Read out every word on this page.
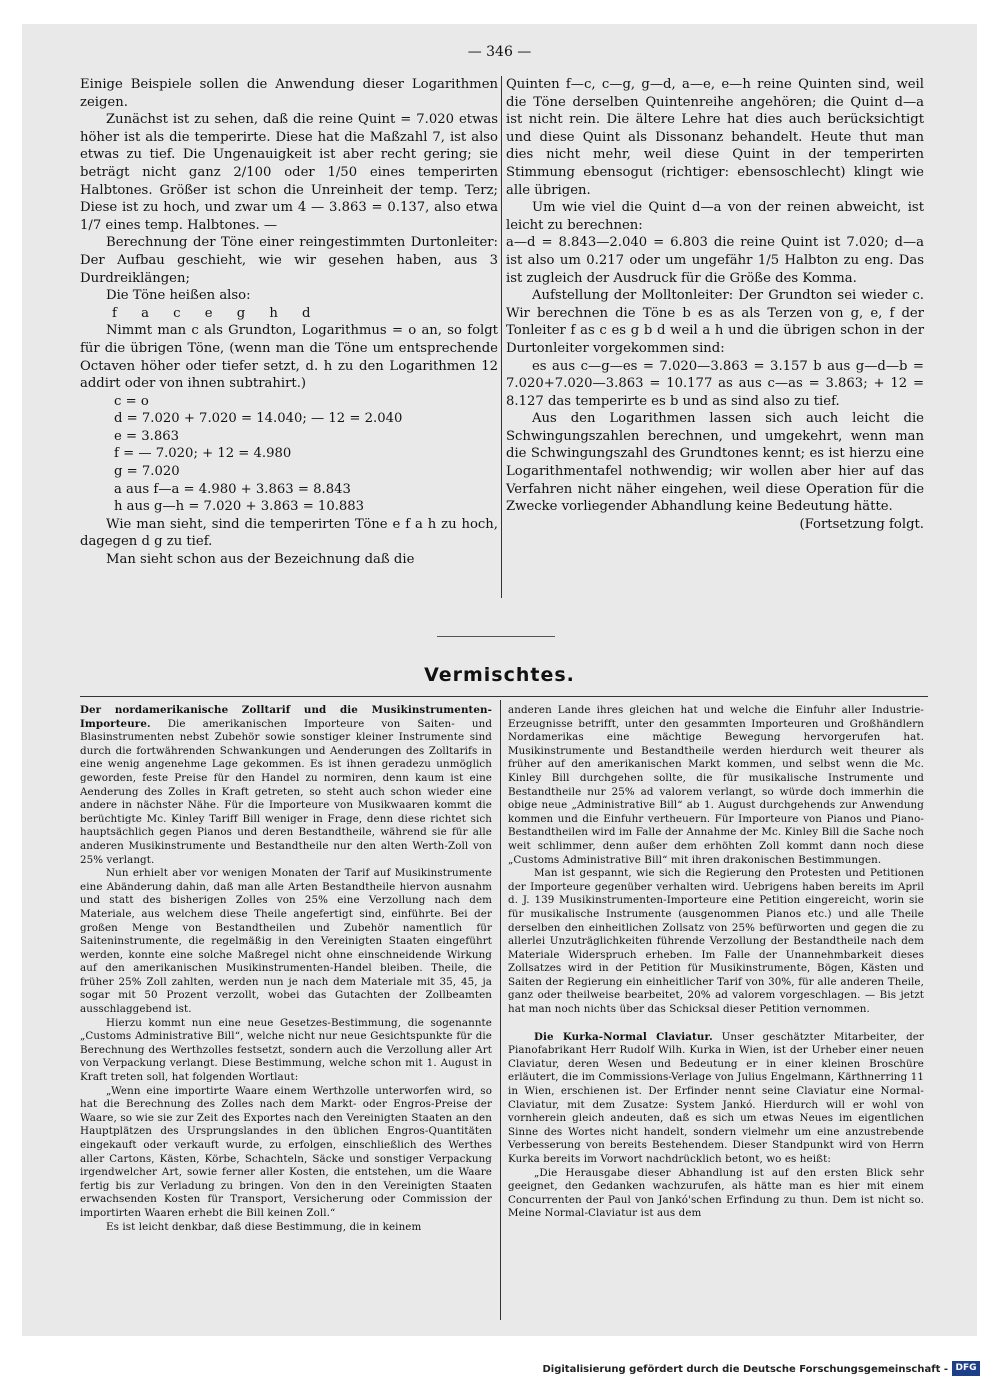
— 346 —

Einige Beispiele sollen die Anwendung dieser Logarithmen zeigen.

Zunächst ist zu sehen, daß die reine Quint = 7.020 etwas höher ist als die temperirte. Diese hat die Maßzahl 7, ist also etwas zu tief. Die Ungenauigkeit ist aber recht gering; sie beträgt nicht ganz 2/100 oder 1/50 eines temperirten Halbtones. Größer ist schon die Unreinheit der temp. Terz; Diese ist zu hoch, und zwar um 4 — 3.863 = 0.137, also etwa 1/7 eines temp. Halbtones. —

Berechnung der Töne einer reingestimmten Durtonleiter: Der Aufbau geschieht, wie wir gesehen haben, aus 3 Durdreiklängen;

Die Töne heißen also:

f a c e g h d

Nimmt man c als Grundton, Logarithmus = o an, so folgt für die übrigen Töne, (wenn man die Töne um entsprechende Octaven höher oder tiefer setzt, d. h zu den Logarithmen 12 addirt oder von ihnen subtrahirt.)

c = o
d = 7.020 + 7.020 = 14.040; — 12 = 2.040
e = 3.863
f = — 7.020; + 12 = 4.980
g = 7.020
a aus f—a = 4.980 + 3.863 = 8.843
h aus g—h = 7.020 + 3.863 = 10.883

Wie man sieht, sind die temperirten Töne e f a h zu hoch, dagegen d g zu tief.

Man sieht schon aus der Bezeichnung daß die

Quinten f—c, c—g, g—d, a—e, e—h reine Quinten sind, weil die Töne derselben Quintenreihe angehören; die Quint d—a ist nicht rein. Die ältere Lehre hat dies auch berücksichtigt und diese Quint als Dissonanz behandelt. Heute thut man dies nicht mehr, weil diese Quint in der temperirten Stimmung ebensogut (richtiger: ebensoschlecht) klingt wie alle übrigen.

Um wie viel die Quint d—a von der reinen abweicht, ist leicht zu berechnen:

a—d = 8.843—2.040 = 6.803 die reine Quint ist 7.020; d—a ist also um 0.217 oder um ungefähr 1/5 Halbton zu eng. Das ist zugleich der Ausdruck für die Größe des Komma.

Aufstellung der Molltonleiter: Der Grundton sei wieder c. Wir berechnen die Töne b es as als Terzen von g, e, f der Tonleiter f as c es g b d weil a h und die übrigen schon in der Durtonleiter vorgekommen sind:

es aus c—g—es = 7.020—3.863 = 3.157 b aus g—d—b = 7.020+7.020—3.863 = 10.177 as aus c—as = 3.863; + 12 = 8.127 das temperirte es b und as sind also zu tief.

Aus den Logarithmen lassen sich auch leicht die Schwingungszahlen berechnen, und umgekehrt, wenn man die Schwingungszahl des Grundtones kennt; es ist hierzu eine Logarithmentafel nothwendig; wir wollen aber hier auf das Verfahren nicht näher eingehen, weil diese Operation für die Zwecke vorliegender Abhandlung keine Bedeutung hätte.

(Fortsetzung folgt.

Vermischtes.

Der nordamerikanische Zolltarif und die Musikinstrumenten-Importeure. Die amerikanischen Importeure von Saiten- und Blasinstrumenten nebst Zubehör sowie sonstiger kleiner Instrumente sind durch die fortwährenden Schwankungen und Aenderungen des Zolltarifs in eine wenig angenehme Lage gekommen. Es ist ihnen geradezu unmöglich geworden, feste Preise für den Handel zu normiren, denn kaum ist eine Aenderung des Zolles in Kraft getreten, so steht auch schon wieder eine andere in nächster Nähe. Für die Importeure von Musikwaaren kommt die berüchtigte Mc. Kinley Tariff Bill weniger in Frage, denn diese richtet sich hauptsächlich gegen Pianos und deren Bestandtheile, während sie für alle anderen Musikinstrumente und Bestandtheile nur den alten Werth-Zoll von 25% verlangt.

Nun erhielt aber vor wenigen Monaten der Tarif auf Musikinstrumente eine Abänderung dahin, daß man alle Arten Bestandtheile hiervon ausnahm und statt des bisherigen Zolles von 25% eine Verzollung nach dem Materiale, aus welchem diese Theile angefertigt sind, einführte. Bei der großen Menge von Bestandtheilen und Zubehör namentlich für Saiteninstrumente, die regelmäßig in den Vereinigten Staaten eingeführt werden, konnte eine solche Maßregel nicht ohne einschneidende Wirkung auf den amerikanischen Musikinstrumenten-Handel bleiben. Theile, die früher 25% Zoll zahlten, werden nun je nach dem Materiale mit 35, 45, ja sogar mit 50 Prozent verzollt, wobei das Gutachten der Zollbeamten ausschlaggebend ist.

Hierzu kommt nun eine neue Gesetzes-Bestimmung, die sogenannte „Customs Administrative Bill“, welche nicht nur neue Gesichtspunkte für die Berechnung des Werthzolles festsetzt, sondern auch die Verzollung aller Art von Verpackung verlangt. Diese Bestimmung, welche schon mit 1. August in Kraft treten soll, hat folgenden Wortlaut:

„Wenn eine importirte Waare einem Werthzolle unterworfen wird, so hat die Berechnung des Zolles nach dem Markt- oder Engros-Preise der Waare, so wie sie zur Zeit des Exportes nach den Vereinigten Staaten an den Hauptplätzen des Ursprungslandes in den üblichen Engros-Quantitäten eingekauft oder verkauft wurde, zu erfolgen, einschließlich des Werthes aller Cartons, Kästen, Körbe, Schachteln, Säcke und sonstiger Verpackung irgendwelcher Art, sowie ferner aller Kosten, die entstehen, um die Waare fertig bis zur Verladung zu bringen. Von den in den Vereinigten Staaten erwachsenden Kosten für Transport, Versicherung oder Commission der importirten Waaren erhebt die Bill keinen Zoll.“

Es ist leicht denkbar, daß diese Bestimmung, die in keinem

anderen Lande ihres gleichen hat und welche die Einfuhr aller Industrie-Erzeugnisse betrifft, unter den gesammten Importeuren und Großhändlern Nordamerikas eine mächtige Bewegung hervorgerufen hat. Musikinstrumente und Bestandtheile werden hierdurch weit theurer als früher auf den amerikanischen Markt kommen, und selbst wenn die Mc. Kinley Bill durchgehen sollte, die für musikalische Instrumente und Bestandtheile nur 25% ad valorem verlangt, so würde doch immerhin die obige neue „Administrative Bill“ ab 1. August durchgehends zur Anwendung kommen und die Einfuhr vertheuern. Für Importeure von Pianos und Piano-Bestandtheilen wird im Falle der Annahme der Mc. Kinley Bill die Sache noch weit schlimmer, denn außer dem erhöhten Zoll kommt dann noch diese „Customs Administrative Bill“ mit ihren drakonischen Bestimmungen.

Man ist gespannt, wie sich die Regierung den Protesten und Petitionen der Importeure gegenüber verhalten wird. Uebrigens haben bereits im April d. J. 139 Musikinstrumenten-Importeure eine Petition eingereicht, worin sie für musikalische Instrumente (ausgenommen Pianos etc.) und alle Theile derselben den einheitlichen Zollsatz von 25% befürworten und gegen die zu allerlei Unzuträglichkeiten führende Verzollung der Bestandtheile nach dem Materiale Widerspruch erheben. Im Falle der Unannehmbarkeit dieses Zollsatzes wird in der Petition für Musikinstrumente, Bögen, Kästen und Saiten der Regierung ein einheitlicher Tarif von 30%, für alle anderen Theile, ganz oder theilweise bearbeitet, 20% ad valorem vorgeschlagen. — Bis jetzt hat man noch nichts über das Schicksal dieser Petition vernommen.

Die Kurka-Normal Claviatur. Unser geschätzter Mitarbeiter, der Pianofabrikant Herr Rudolf Wilh. Kurka in Wien, ist der Urheber einer neuen Claviatur, deren Wesen und Bedeutung er in einer kleinen Broschüre erläutert, die im Commissions-Verlage von Julius Engelmann, Kärthnerring 11 in Wien, erschienen ist. Der Erfinder nennt seine Claviatur eine Normal-Claviatur, mit dem Zusatze: System Jankó. Hierdurch will er wohl von vornherein gleich andeuten, daß es sich um etwas Neues im eigentlichen Sinne des Wortes nicht handelt, sondern vielmehr um eine anzustrebende Verbesserung von bereits Bestehendem. Dieser Standpunkt wird von Herrn Kurka bereits im Vorwort nachdrücklich betont, wo es heißt:

„Die Herausgabe dieser Abhandlung ist auf den ersten Blick sehr geeignet, den Gedanken wachzurufen, als hätte man es hier mit einem Concurrenten der Paul von Jankó'schen Erfindung zu thun. Dem ist nicht so. Meine Normal-Claviatur ist aus dem

Digitalisierung gefördert durch die Deutsche Forschungsgemeinschaft - DFG
